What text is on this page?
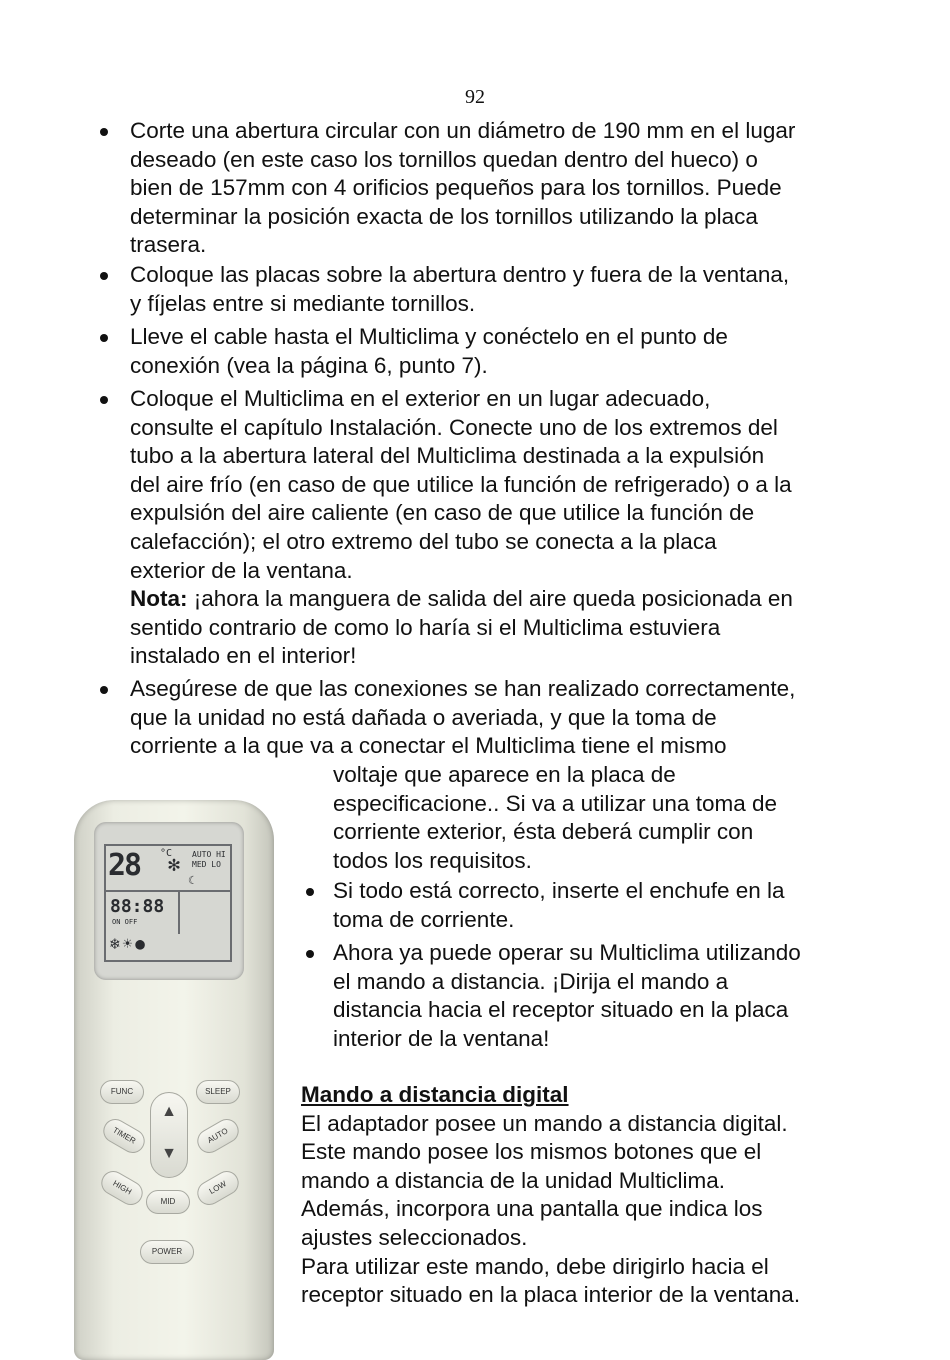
92
Corte una abertura circular con un diámetro de 190 mm en el lugar
deseado (en este caso los tornillos quedan dentro del hueco) o
bien de 157mm con 4 orificios pequeños para los tornillos. Puede
determinar la posición exacta de los tornillos utilizando la placa
trasera.
Coloque las placas sobre la abertura dentro y fuera de la ventana,
y fíjelas entre si mediante tornillos.
Lleve el cable hasta el Multiclima y conéctelo en el punto de
conexión (vea la página 6, punto 7).
Coloque el Multiclima en el exterior en un lugar adecuado,
consulte el capítulo Instalación. Conecte uno de los extremos del
tubo a la abertura lateral del Multiclima destinada a la expulsión
del aire frío (en caso de que utilice la función de refrigerado) o a la
expulsión del aire caliente (en caso de que utilice la función de
calefacción); el otro extremo del tubo se conecta a la placa
exterior de la ventana.
Nota: ¡ahora la manguera de salida del aire queda posicionada en
sentido contrario de como lo haría si el Multiclima estuviera
instalado en el interior!
Asegúrese de que las conexiones se han realizado correctamente,
que la unidad no está dañada o averiada, y que la toma de
corriente a la que va a conectar el Multiclima tiene el mismo
voltaje que aparece en la placa de
especificacione.. Si va a utilizar una toma de
corriente exterior, ésta deberá cumplir con
todos los requisitos.
Si todo está correcto, inserte el enchufe en la
toma de corriente.
Ahora ya puede operar su Multiclima utilizando
el mando a distancia. ¡Dirija el mando a
distancia hacia el receptor situado en la placa
interior de la ventana!
Mando a distancia digital
El adaptador posee un mando a distancia digital.
Este mando posee los mismos botones que el
mando a distancia de la unidad Multiclima.
Además, incorpora una pantalla que indica los
ajustes seleccionados.
Para utilizar este mando, debe dirigirlo hacia el
receptor situado en la placa interior de la ventana.
28 °C
✻ AUTO HI
MED LO
☾
88:88
ON OFF
❄☀●
FUNC	SLEEP
▲
▼
TIMER	AUTO
HIGH
MID
LOW
POWER
